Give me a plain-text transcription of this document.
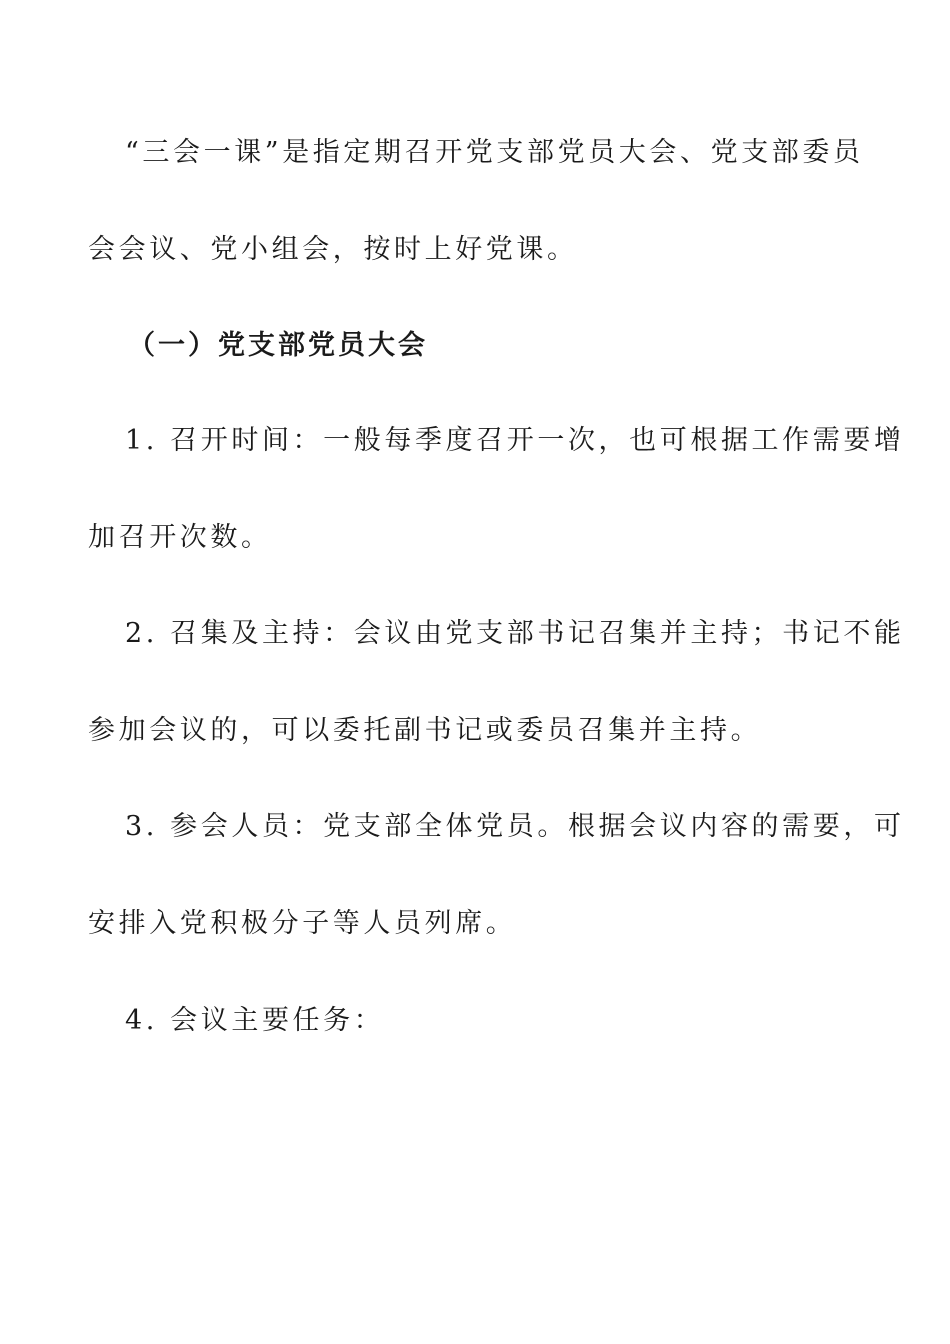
“三会一课”是指定期召开党支部党员大会、党支部委员
会会议、党小组会，按时上好党课。
（一）党支部党员大会
1. 召开时间：一般每季度召开一次，也可根据工作需要增
加召开次数。
2. 召集及主持：会议由党支部书记召集并主持；书记不能
参加会议的，可以委托副书记或委员召集并主持。
3. 参会人员：党支部全体党员。根据会议内容的需要，可
安排入党积极分子等人员列席。
4. 会议主要任务：
